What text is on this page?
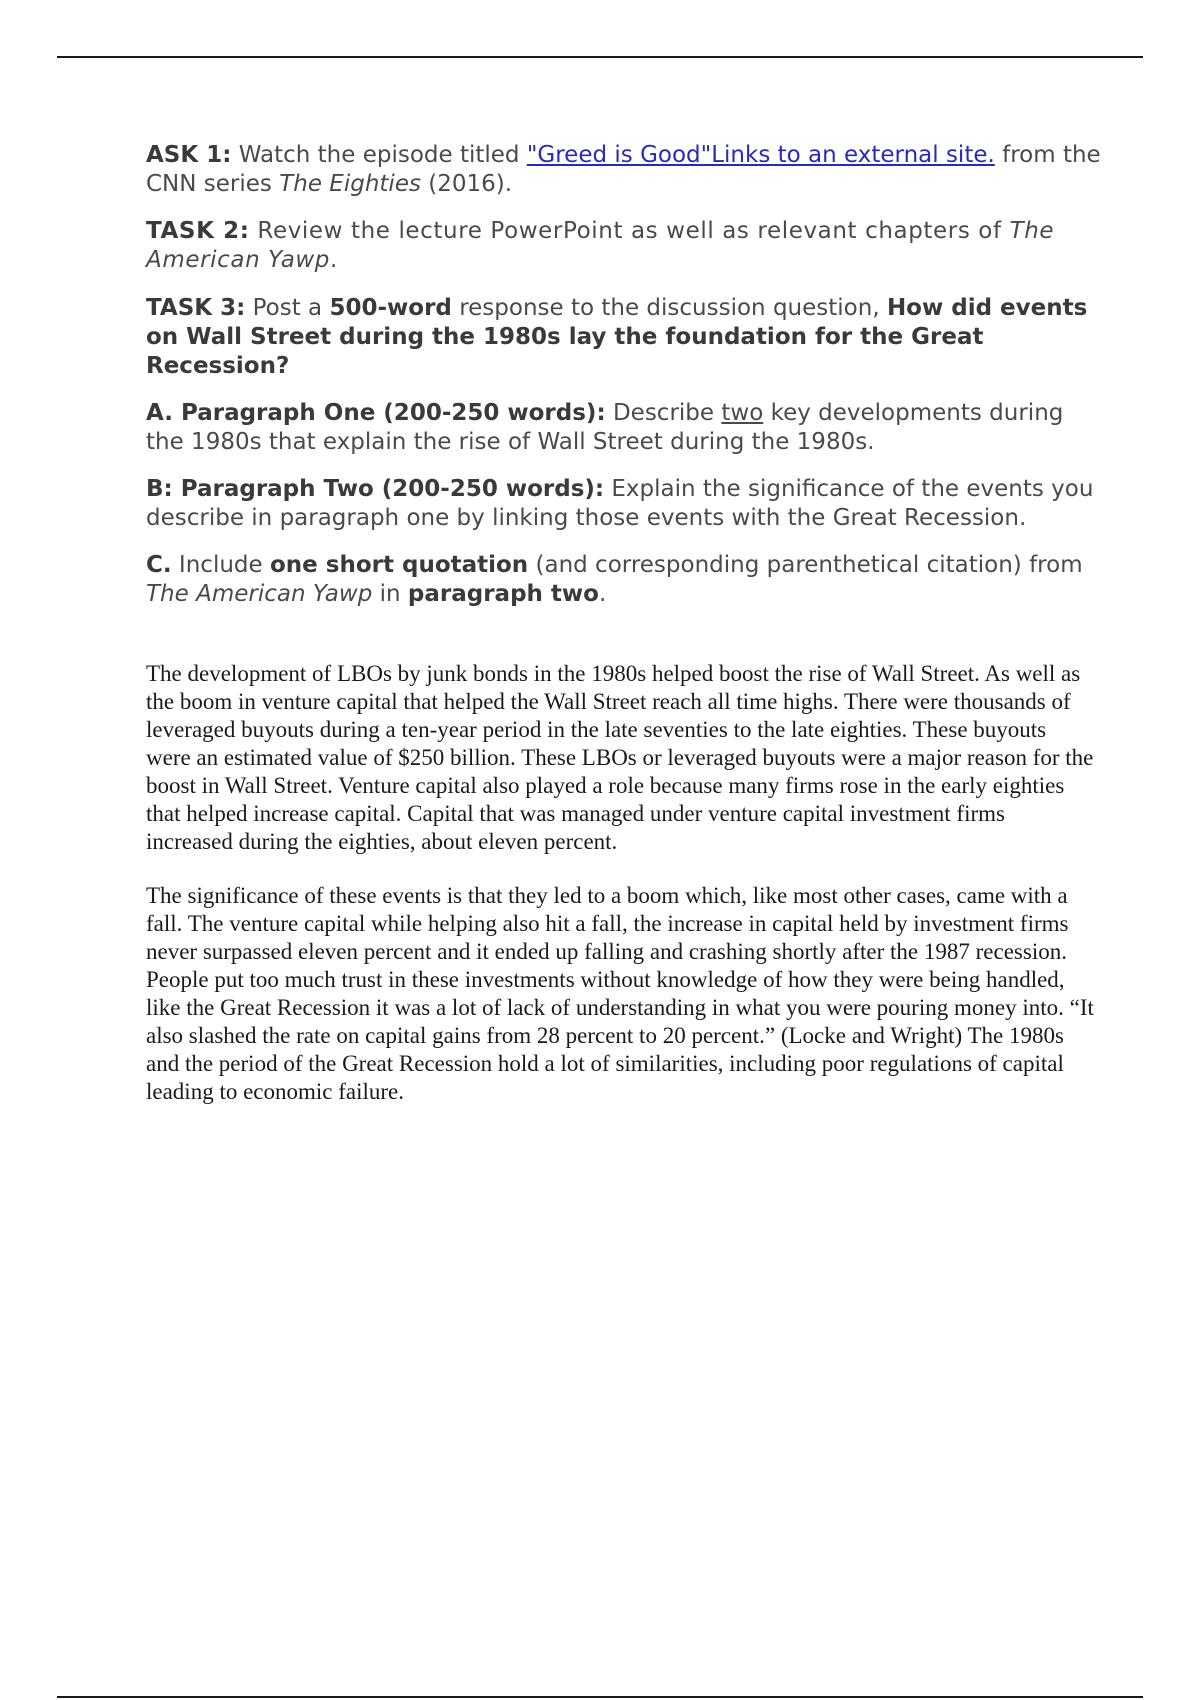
ASK 1: Watch the episode titled "Greed is Good"Links to an external site. from the CNN series The Eighties (2016).

TASK 2: Review the lecture PowerPoint as well as relevant chapters of The American Yawp.

TASK 3: Post a 500-word response to the discussion question, How did events on Wall Street during the 1980s lay the foundation for the Great Recession?

A. Paragraph One (200-250 words): Describe two key developments during the 1980s that explain the rise of Wall Street during the 1980s.

B: Paragraph Two (200-250 words): Explain the significance of the events you describe in paragraph one by linking those events with the Great Recession.

C. Include one short quotation (and corresponding parenthetical citation) from The American Yawp in paragraph two.

The development of LBOs by junk bonds in the 1980s helped boost the rise of Wall Street. As well as the boom in venture capital that helped the Wall Street reach all time highs. There were thousands of leveraged buyouts during a ten-year period in the late seventies to the late eighties. These buyouts were an estimated value of $250 billion. These LBOs or leveraged buyouts were a major reason for the boost in Wall Street. Venture capital also played a role because many firms rose in the early eighties that helped increase capital. Capital that was managed under venture capital investment firms increased during the eighties, about eleven percent.

The significance of these events is that they led to a boom which, like most other cases, came with a fall. The venture capital while helping also hit a fall, the increase in capital held by investment firms never surpassed eleven percent and it ended up falling and crashing shortly after the 1987 recession. People put too much trust in these investments without knowledge of how they were being handled, like the Great Recession it was a lot of lack of understanding in what you were pouring money into. “It also slashed the rate on capital gains from 28 percent to 20 percent.” (Locke and Wright) The 1980s and the period of the Great Recession hold a lot of similarities, including poor regulations of capital leading to economic failure.
